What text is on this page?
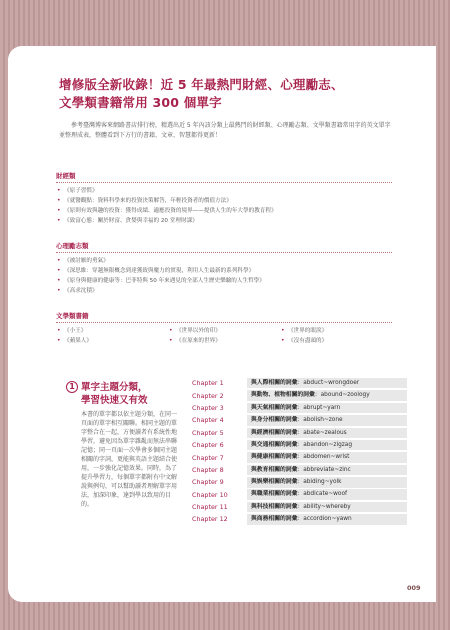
增修版全新收錄！近 5 年最熱門財經、心理勵志、
文學類書籍常用 300 個單字
參考臺灣博客來網路書店排行榜，精選出近 5 年內該分類上最熱門的財經類、心理勵志類、文學類書籍常用字的英文單字並整理成表，整體看到下方行的書籍、文章、智慧都得更新！
財經類
• 《原子習慣》
• 《就醫觀點：資料科學來的投資決策解答，年輕投資者的價值方法》
• 《原則有效與趣的投資：獲得成績、適應投資的境界——提供人生的年大學的教育程》
• 《致富心態：關於財富、貪婪與幸福的 20 堂理財課》
心理勵志類
• 《被討厭的勇氣》
• 《深思維：穿越無限概念到達獲致與魔力的實現，利用人生最新的系列科學》
• 《原身與健康的健康等：巴菲特與 50 年來遇見的全部人生歷史樂驗的人生哲學》
• 《高求沈積》
文學類書籍
• 《小王》	• 《世界以外的印》	• 《世界的眼淚》
• 《蘋果人》	• 《在原來的世界》	• 《沒有盡頭的》
1 單字主題分類，
學習快速又有效
本書的單字都以依主題分類，在同一頁面的單字相互關聯。相同主題的單字整合在一起，方便讀者有系統性地學習，避免因為單字雜亂而無法串聯記憶；同一頁面一次學會多個同主題相關的字詞，更能與英語主題結合使用，一步強化記憶效果。同時，為了提升學習力，每個單字都附有中文解說與例句，可以幫助讀者理解單字用法，加深印象，達到學以致用的目的。
Chapter 1	與人際相關的詞彙：abduct~wrongdoer
Chapter 2	與動物、植物相關的詞彙：abound~zoology
Chapter 3	與天氣相關的詞彙：abrupt~yarn
Chapter 4	與身分相關的詞彙：abolish~zone
Chapter 5	與經濟相關的詞彙：abate~zealous
Chapter 6	與交通相關的詞彙：abandon~zigzag
Chapter 7	與健康相關的詞彙：abdomen~wrist
Chapter 8	與教育相關的詞彙：abbreviate~zinc
Chapter 9	與娛樂相關的詞彙：abiding~yolk
Chapter 10	與職業相關的詞彙：abdicate~woof
Chapter 11	與科技相關的詞彙：ability~whereby
Chapter 12	與商務相關的詞彙：accordion~yawn
009
